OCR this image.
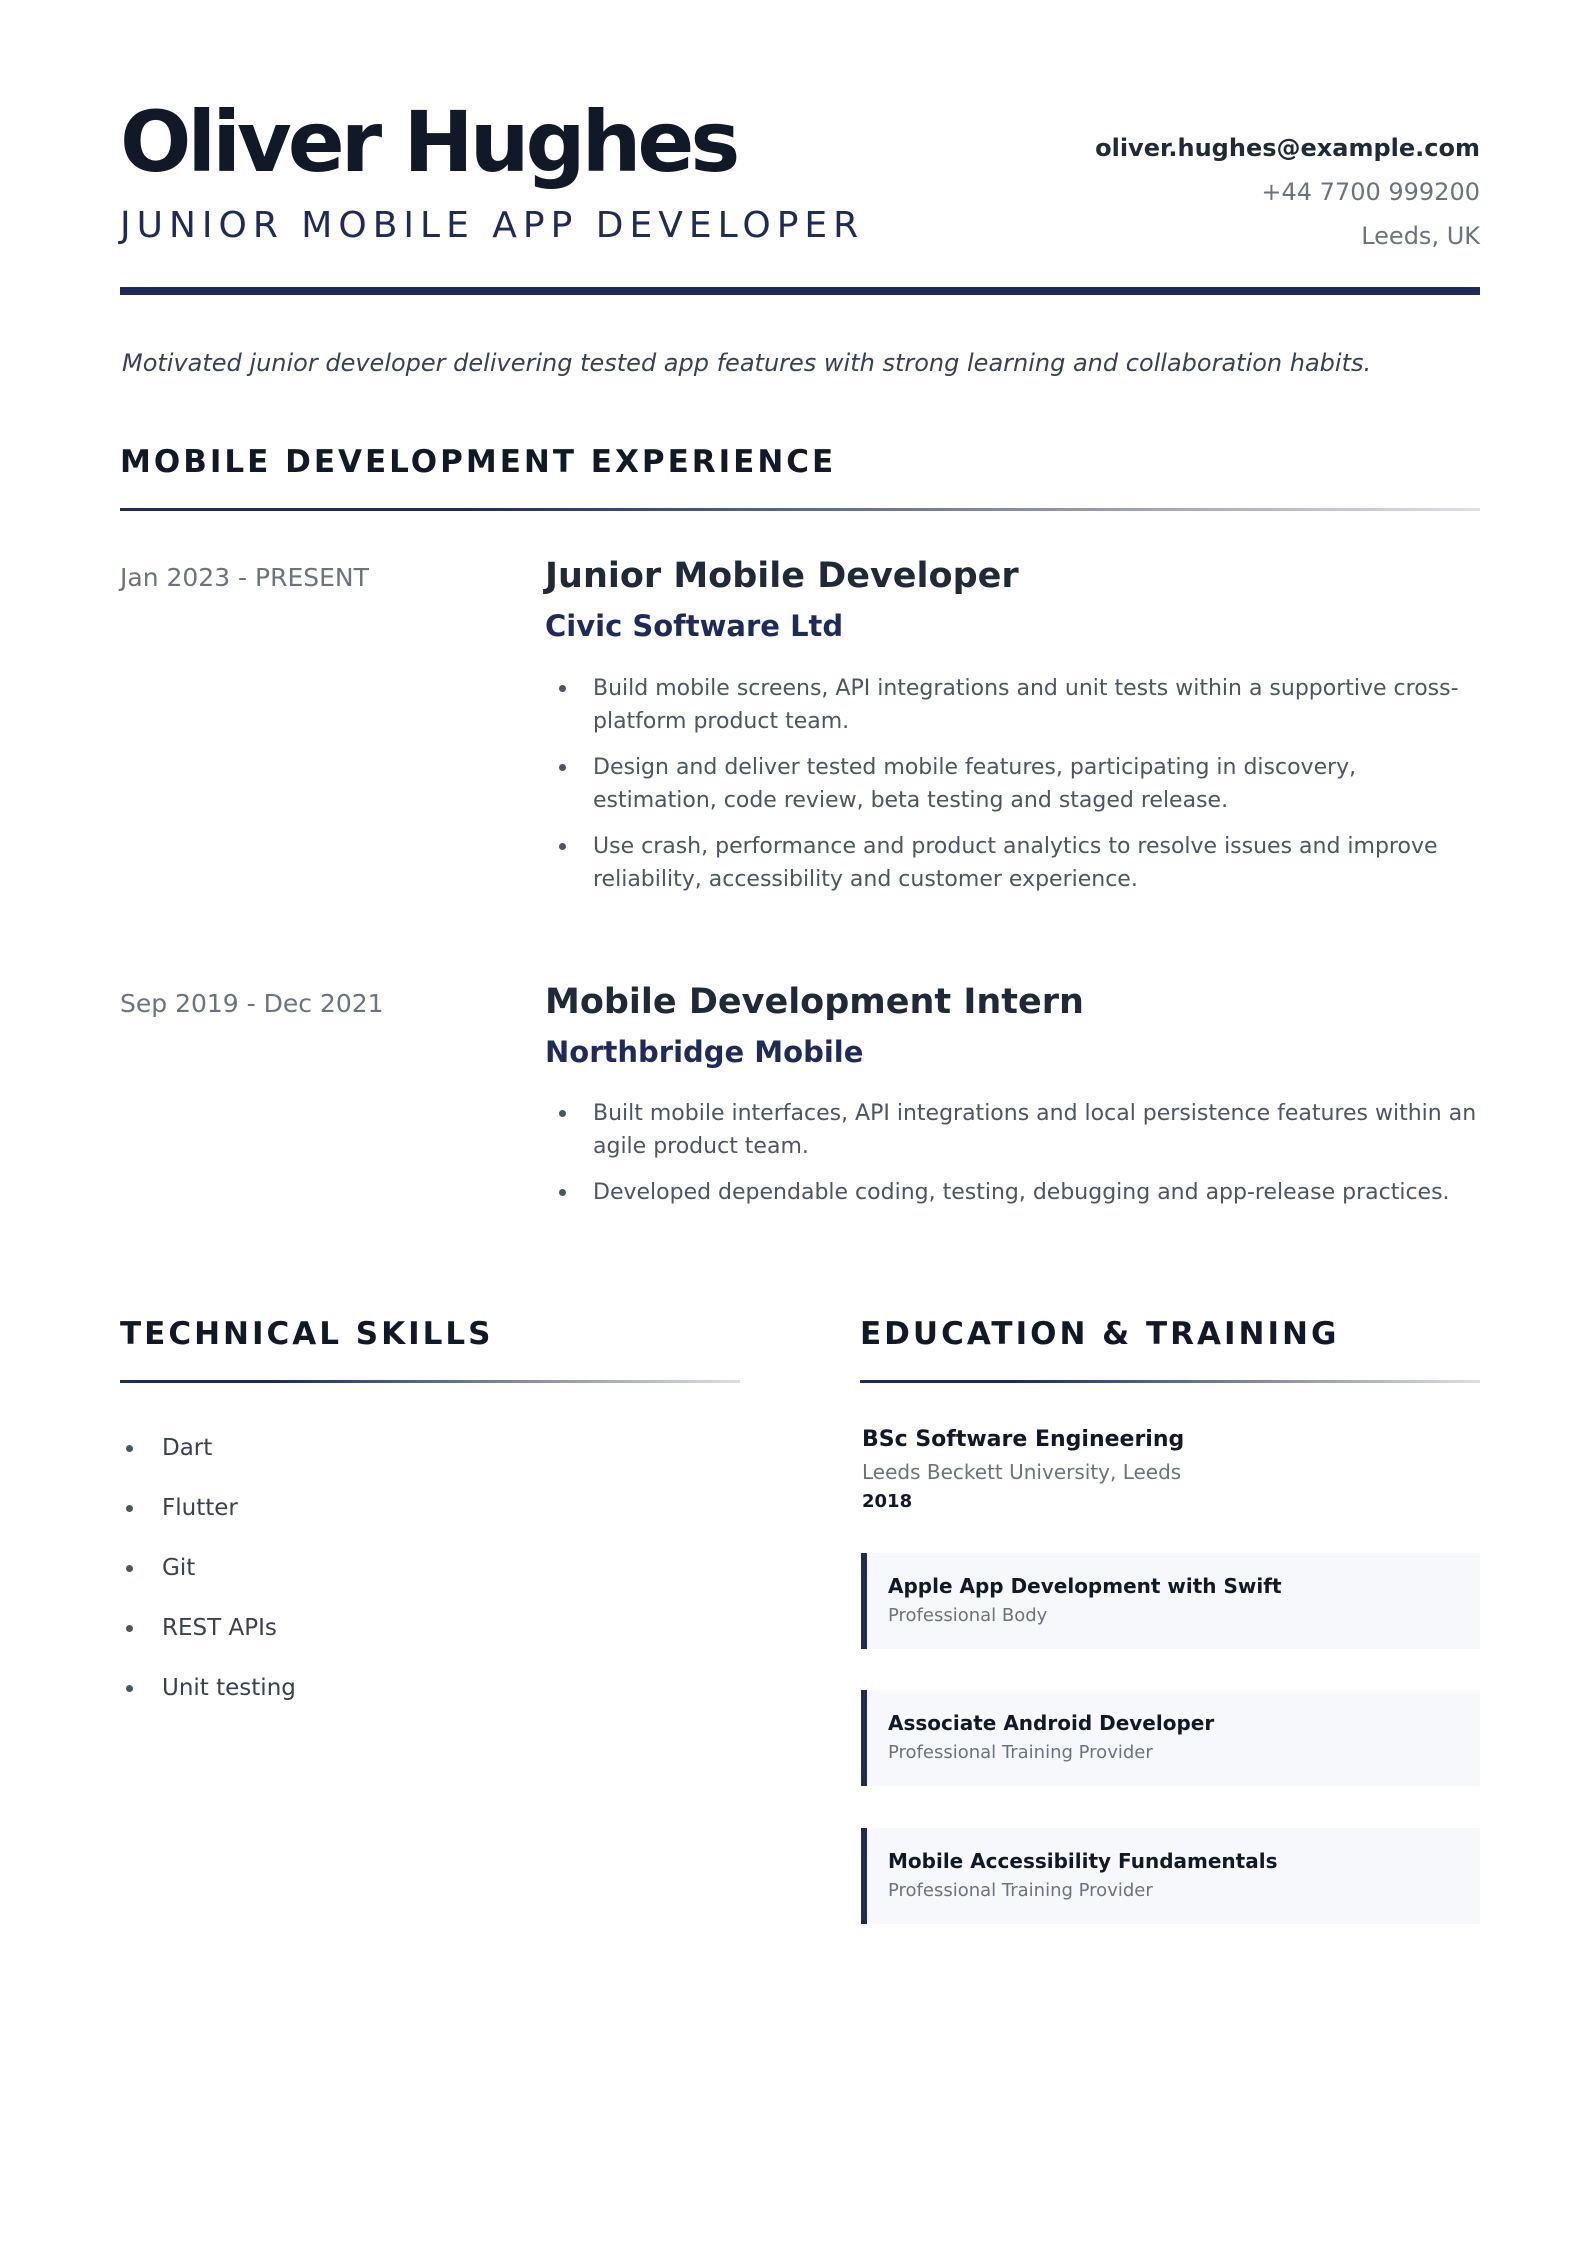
Oliver Hughes
JUNIOR MOBILE APP DEVELOPER
oliver.hughes@example.com
+44 7700 999200
Leeds, UK
Motivated junior developer delivering tested app features with strong learning and collaboration habits.
MOBILE DEVELOPMENT EXPERIENCE
Jan 2023 - PRESENT	Junior Mobile Developer
Civic Software Ltd
Build mobile screens, API integrations and unit tests within a supportive cross-platform product team.
Design and deliver tested mobile features, participating in discovery, estimation, code review, beta testing and staged release.
Use crash, performance and product analytics to resolve issues and improve reliability, accessibility and customer experience.
Sep 2019 - Dec 2021	Mobile Development Intern
Northbridge Mobile
Built mobile interfaces, API integrations and local persistence features within an agile product team.
Developed dependable coding, testing, debugging and app-release practices.
TECHNICAL SKILLS
Dart
Flutter
Git
REST APIs
Unit testing
EDUCATION & TRAINING
BSc Software Engineering
Leeds Beckett University, Leeds
2018
Apple App Development with Swift
Professional Body
Associate Android Developer
Professional Training Provider
Mobile Accessibility Fundamentals
Professional Training Provider
